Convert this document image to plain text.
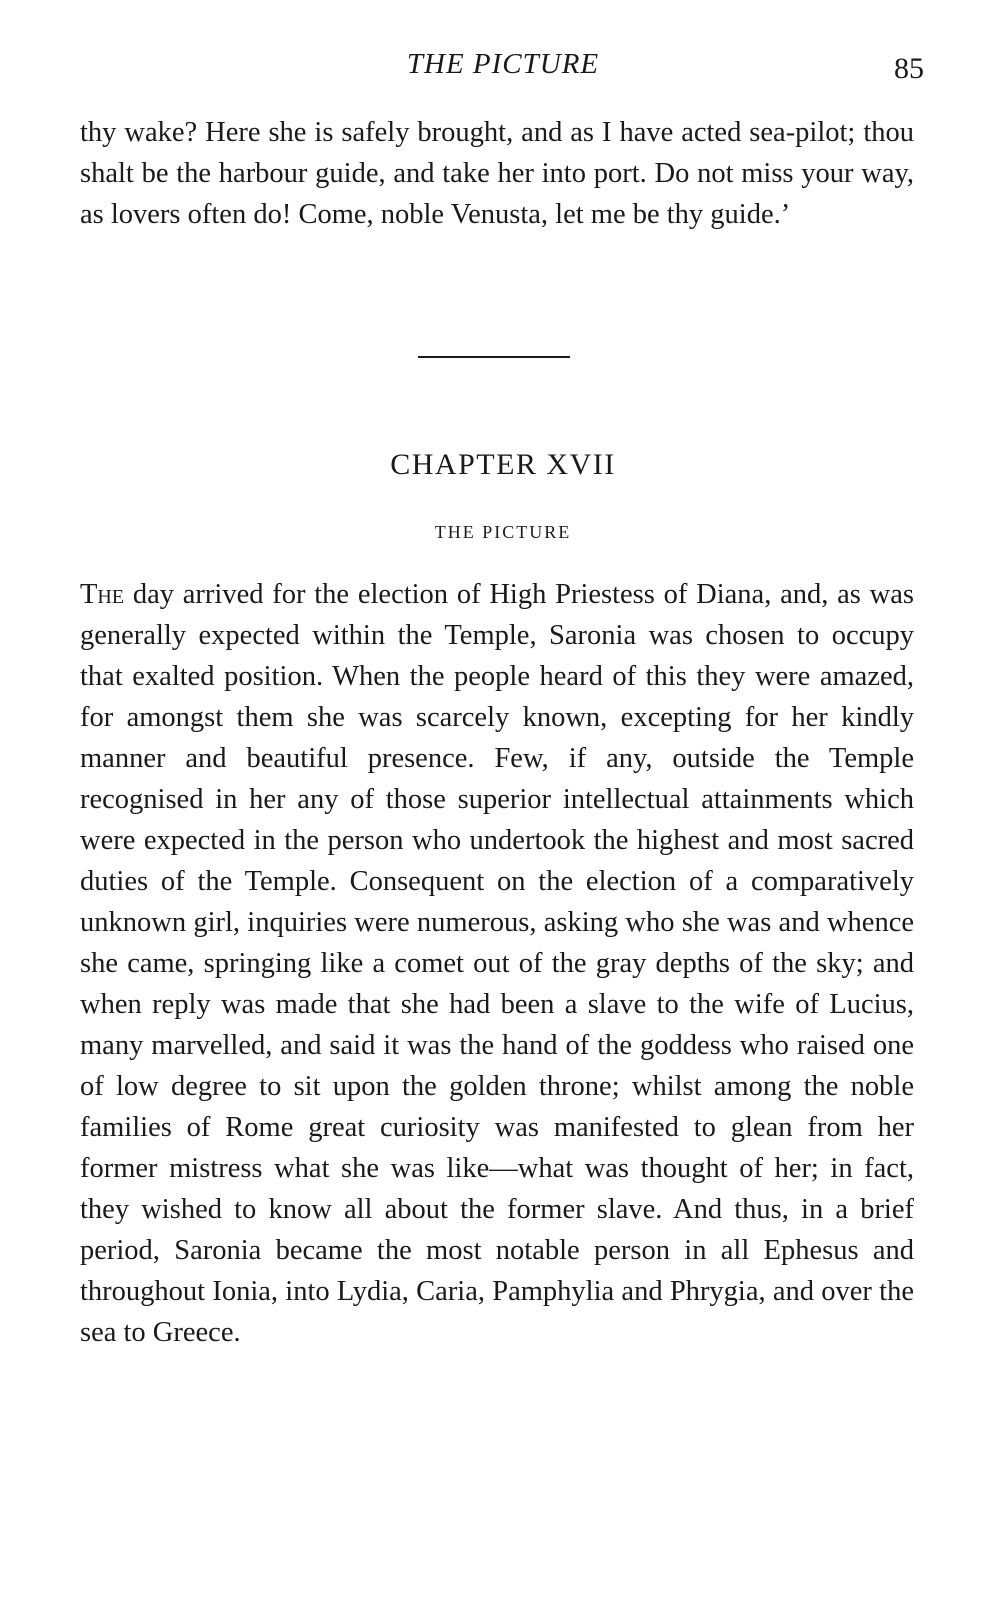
THE PICTURE	85

thy wake? Here she is safely brought, and as I have acted sea-pilot; thou shalt be the harbour guide, and take her into port. Do not miss your way, as lovers often do! Come, noble Venusta, let me be thy guide.’

CHAPTER XVII
THE PICTURE

The day arrived for the election of High Priestess of Diana, and, as was generally expected within the Temple, Saronia was chosen to occupy that exalted position. When the people heard of this they were amazed, for amongst them she was scarcely known, excepting for her kindly manner and beautiful presence. Few, if any, outside the Temple recognised in her any of those superior intellectual attainments which were expected in the person who undertook the highest and most sacred duties of the Temple. Consequent on the election of a comparatively unknown girl, inquiries were numerous, asking who she was and whence she came, springing like a comet out of the gray depths of the sky; and when reply was made that she had been a slave to the wife of Lucius, many marvelled, and said it was the hand of the goddess who raised one of low degree to sit upon the golden throne; whilst among the noble families of Rome great curiosity was manifested to glean from her former mistress what she was like—what was thought of her; in fact, they wished to know all about the former slave. And thus, in a brief period, Saronia became the most notable person in all Ephesus and throughout Ionia, into Lydia, Caria, Pamphylia and Phrygia, and over the sea to Greece.
